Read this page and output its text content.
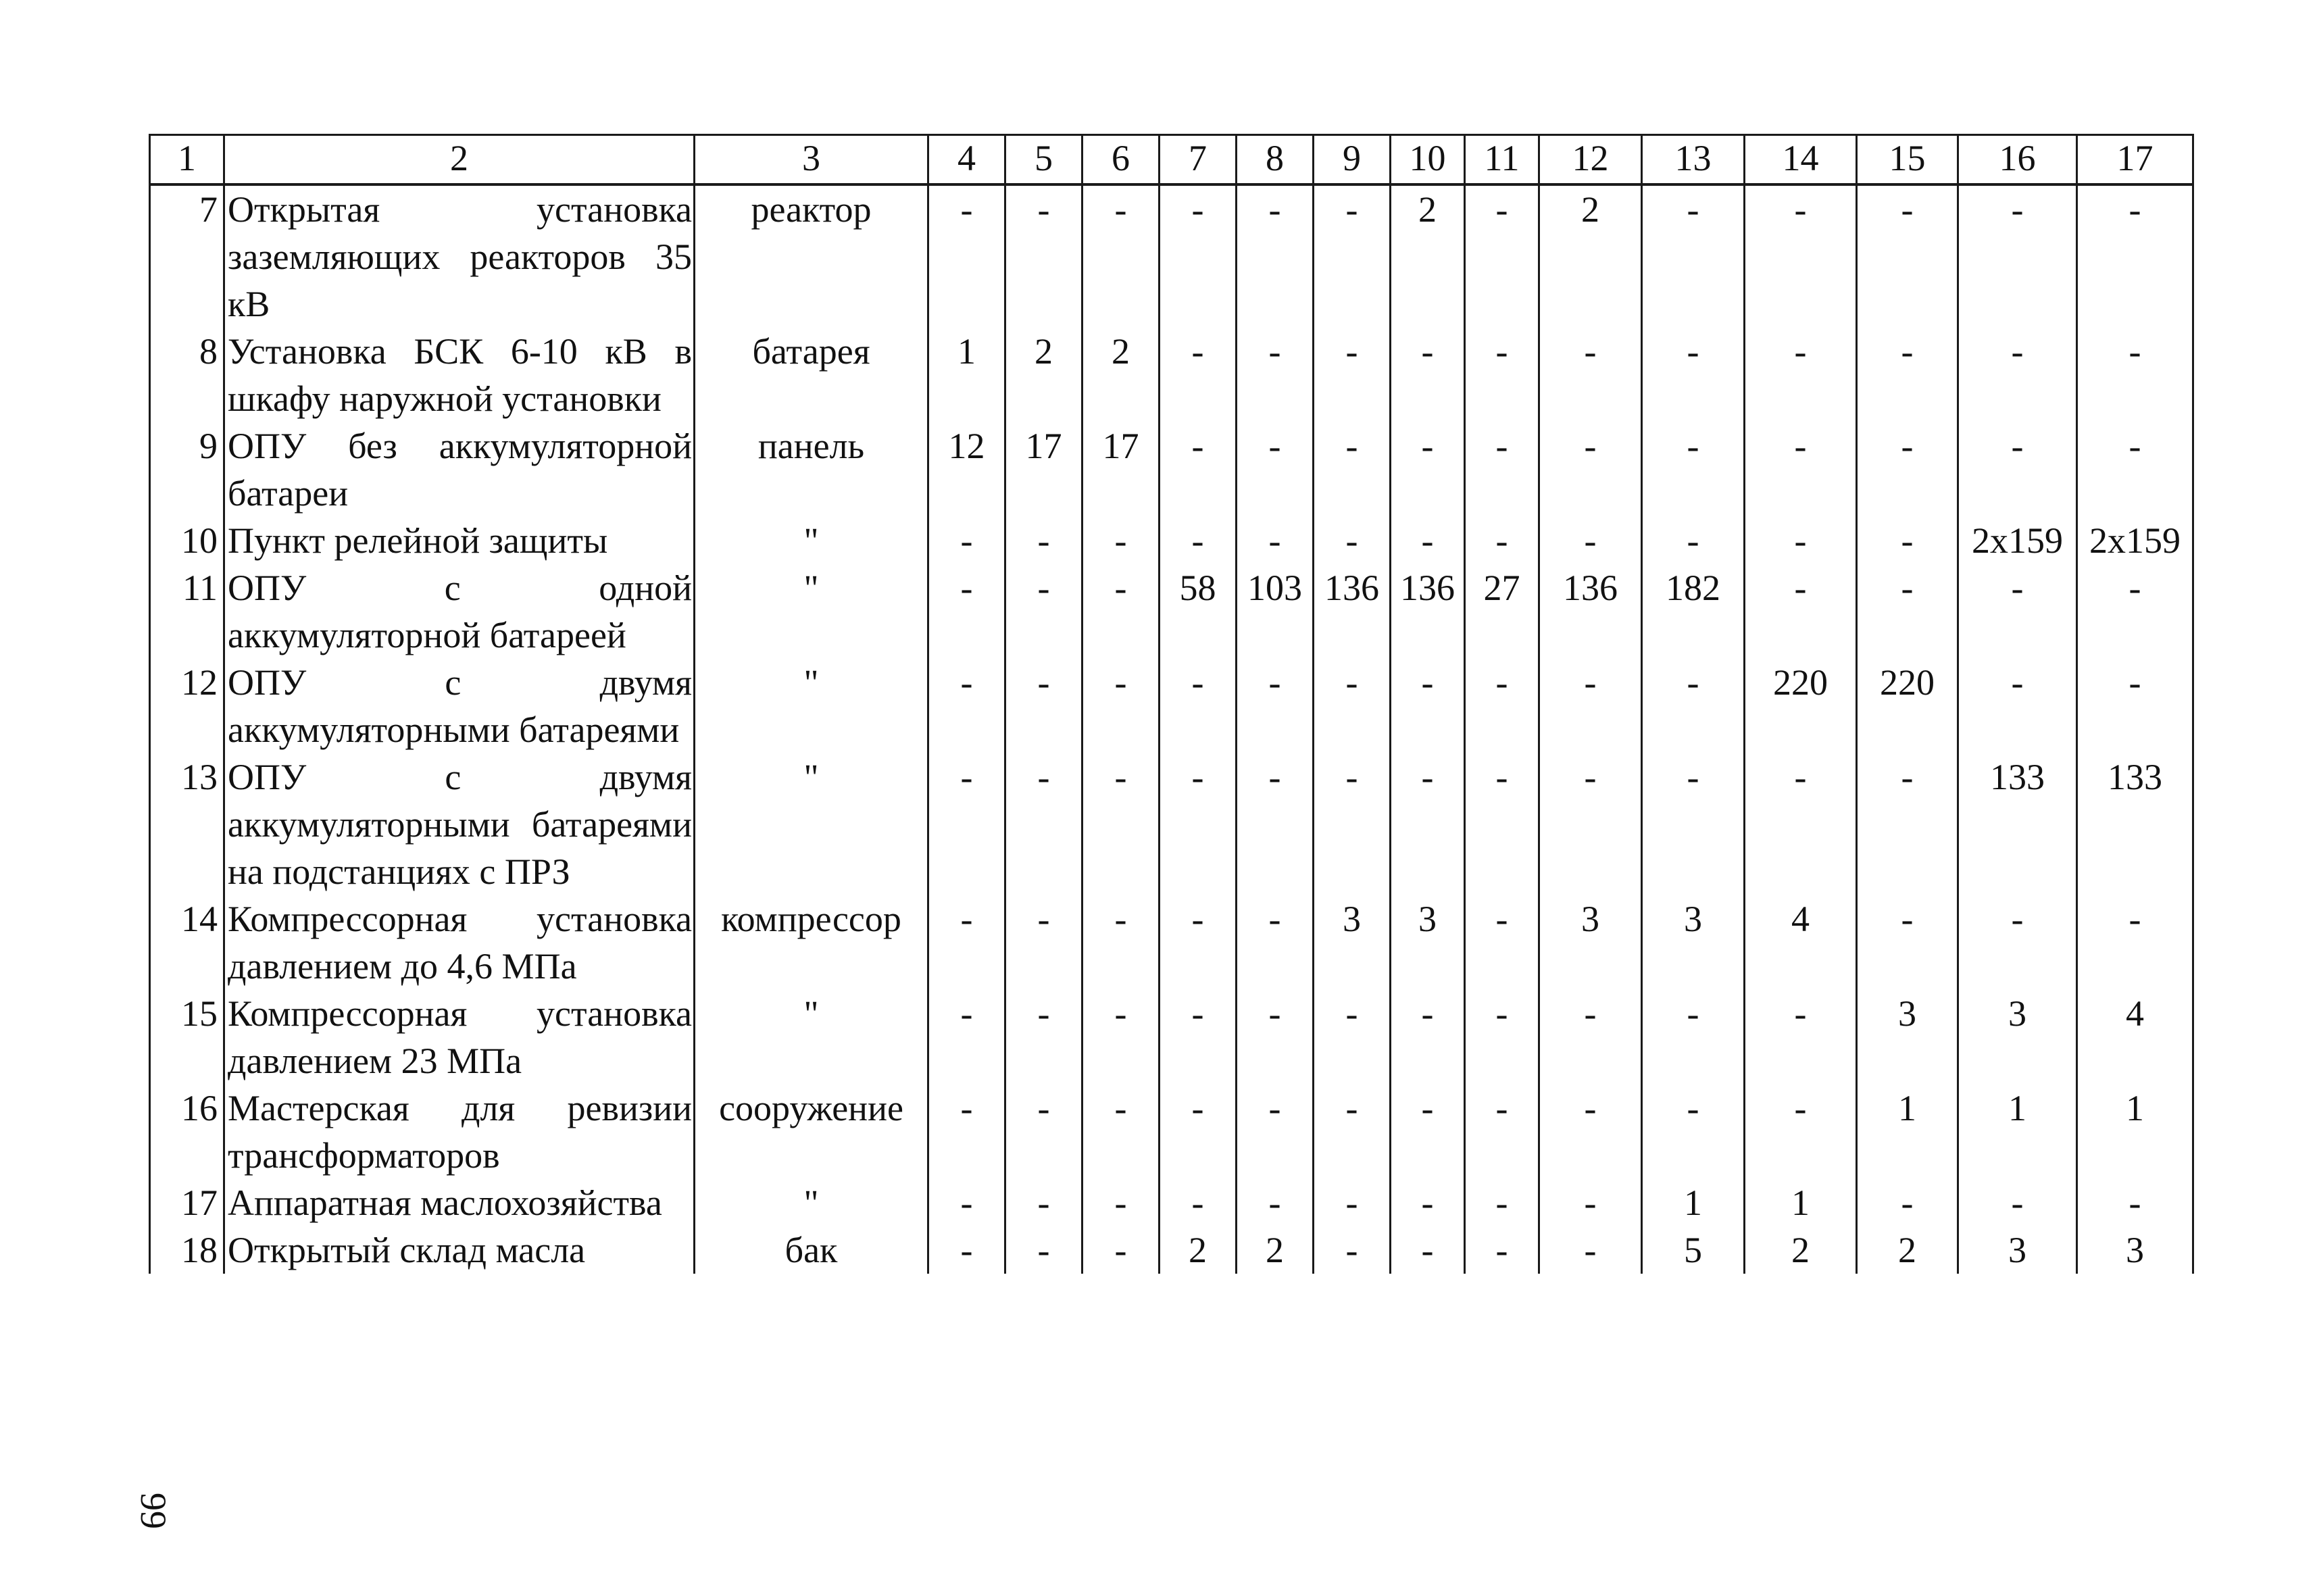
1	2	3	4	5	6	7	8	9	10	11	12	13	14	15	16	17
7	Открытая установка заземляющих реакторов 35 кВ	реактор	-	-	-	-	-	-	2	-	2	-	-	-	-	-
8	Установка БСК 6-10 кВ в шкафу наружной установки	батарея	1	2	2	-	-	-	-	-	-	-	-	-	-	-
9	ОПУ без аккумуляторной батареи	панель	12	17	17	-	-	-	-	-	-	-	-	-	-	-
10	Пункт релейной защиты	"	-	-	-	-	-	-	-	-	-	-	-	-	2x159	2x159
11	ОПУ с одной аккумуляторной батареей	"	-	-	-	58	103	136	136	27	136	182	-	-	-	-
12	ОПУ с двумя аккумуляторными батареями	"	-	-	-	-	-	-	-	-	-	-	220	220	-	-
13	ОПУ с двумя аккумуляторными батареями на подстанциях с ПРЗ	"	-	-	-	-	-	-	-	-	-	-	-	-	133	133
14	Компрессорная установка давлением до 4,6 МПа	компрессор	-	-	-	-	-	3	3	-	3	3	4	-	-	-
15	Компрессорная установка давлением 23 МПа	"	-	-	-	-	-	-	-	-	-	-	-	3	3	4
16	Мастерская для ревизии трансформаторов	сооружение	-	-	-	-	-	-	-	-	-	-	-	1	1	1
17	Аппаратная маслохозяйства	"	-	-	-	-	-	-	-	-	-	1	1	-	-	-
18	Открытый склад масла	бак	-	-	-	2	2	-	-	-	-	5	2	2	3	3
99
